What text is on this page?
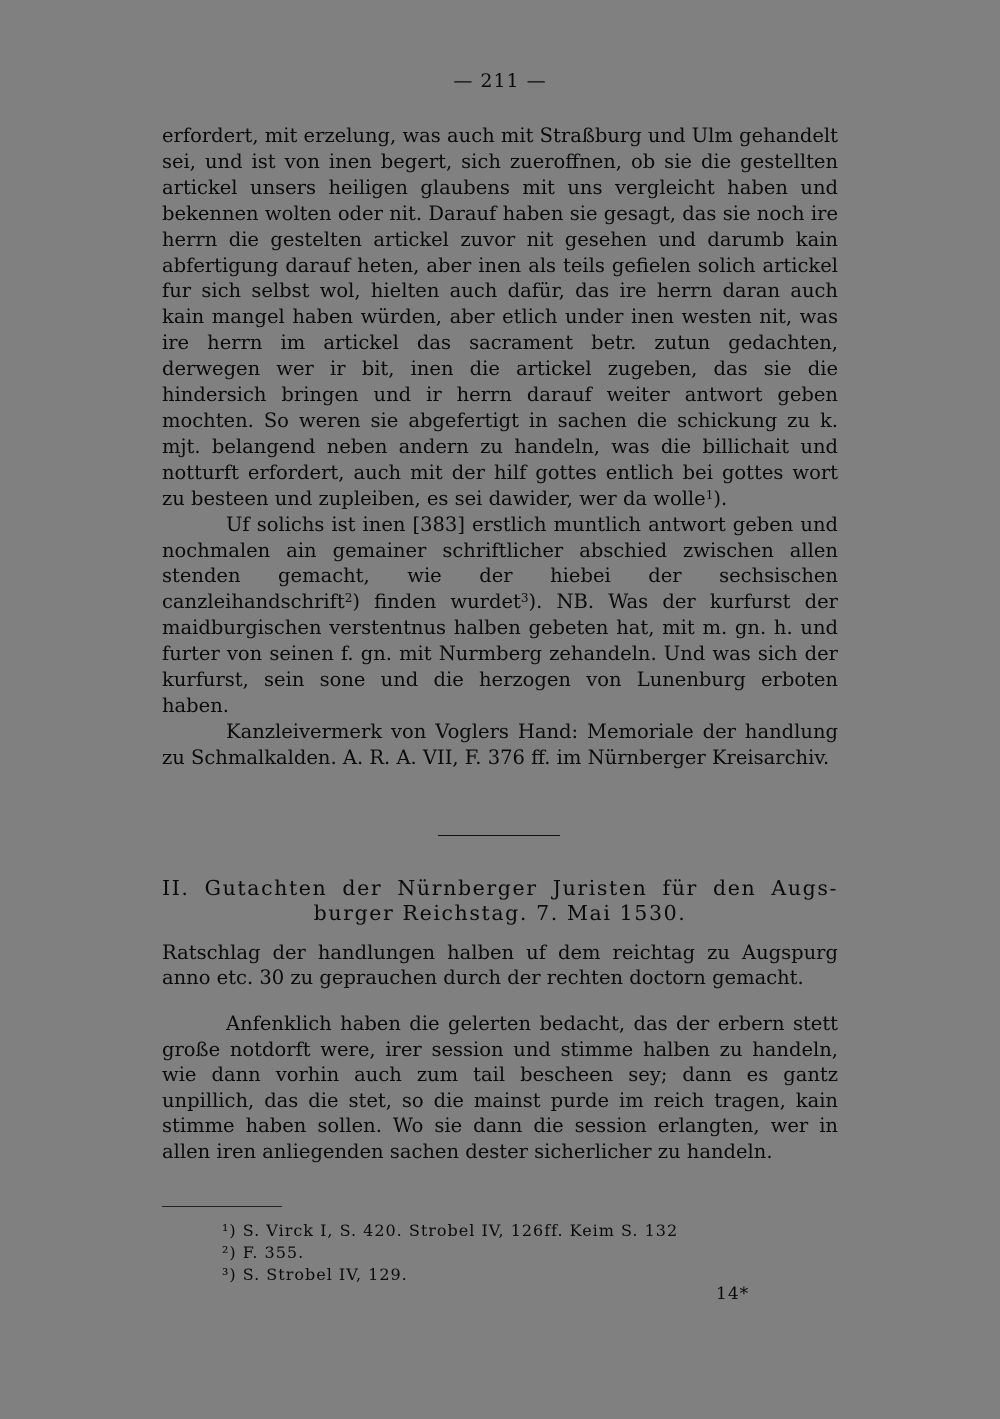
— 211 —

erfordert, mit erzelung, was auch mit Straßburg und Ulm gehandelt sei, und ist von inen begert, sich zueroffnen, ob sie die gestellten artickel unsers heiligen glaubens mit uns vergleicht haben und bekennen wolten oder nit. Darauf haben sie gesagt, das sie noch ire herrn die gestelten artickel zuvor nit gesehen und darumb kain abfertigung darauf heten, aber inen als teils gefielen solich artickel fur sich selbst wol, hielten auch dafür, das ire herrn daran auch kain mangel haben würden, aber etlich under inen westen nit, was ire herrn im artickel das sacrament betr. zutun gedachten, derwegen wer ir bit, inen die artickel zugeben, das sie die hindersich bringen und ir herrn darauf weiter antwort geben mochten. So weren sie abgefertigt in sachen die schickung zu k. mjt. belangend neben andern zu handeln, was die billichait und notturft erfordert, auch mit der hilf gottes entlich bei gottes wort zu besteen und zupleiben, es sei dawider, wer da wolle$^1$).

Uf solichs ist inen [383] erstlich muntlich antwort geben und nochmalen ain gemainer schriftlicher abschied zwischen allen stenden gemacht, wie der hiebei der sechsischen canzleihandschrift$^2$) finden wurdet$^3$). NB. Was der kurfurst der maidburgischen verstentnus halben gebeten hat, mit m. gn. h. und furter von seinen f. gn. mit Nurmberg zehandeln. Und was sich der kurfurst, sein sone und die herzogen von Lunenburg erboten haben.

Kanzleivermerk von Voglers Hand: Memoriale der handlung zu Schmalkalden. A. R. A. VII, F. 376 ff. im Nürnberger Kreisarchiv.

II. Gutachten der Nürnberger Juristen für den Augs-
burger Reichstag. 7. Mai 1530.

Ratschlag der handlungen halben uf dem reichtag zu Augspurg anno etc. 30 zu geprauchen durch der rechten doctorn gemacht.

Anfenklich haben die gelerten bedacht, das der erbern stett große notdorft were, irer session und stimme halben zu handeln, wie dann vorhin auch zum tail bescheen sey; dann es gantz unpillich, das die stet, so die mainst purde im reich tragen, kain stimme haben sollen. Wo sie dann die session erlangten, wer in allen iren anliegenden sachen dester sicherlicher zu handeln.

¹) S. Virck I, S. 420. Strobel IV, 126ff. Keim S. 132
²) F. 355.
³) S. Strobel IV, 129.
14*
